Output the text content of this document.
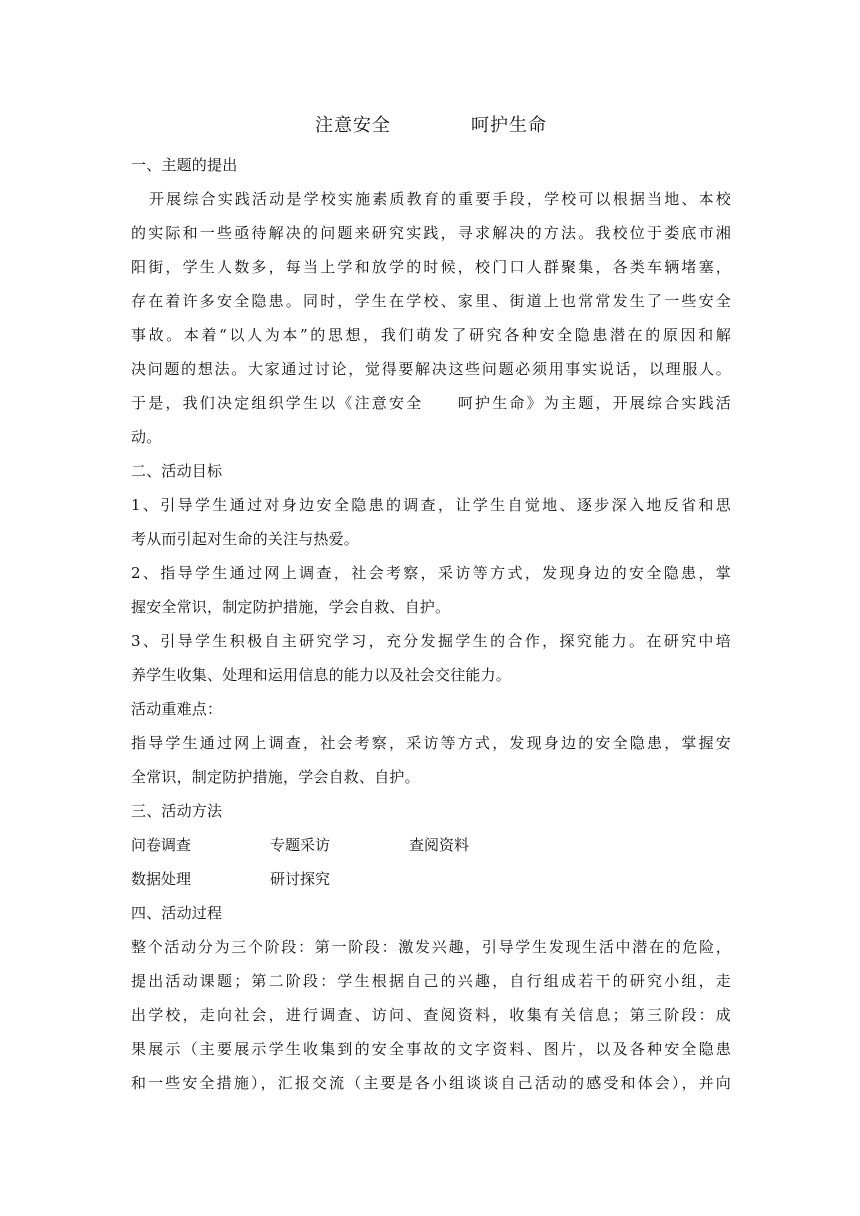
注意安全	呵护生命
一、主题的提出
开展综合实践活动是学校实施素质教育的重要手段，学校可以根据当地、本校
的实际和一些亟待解决的问题来研究实践，寻求解决的方法。我校位于娄底市湘
阳街，学生人数多，每当上学和放学的时候，校门口人群聚集，各类车辆堵塞，
存在着许多安全隐患。同时，学生在学校、家里、街道上也常常发生了一些安全
事故。本着“以人为本”的思想，我们萌发了研究各种安全隐患潜在的原因和解
决问题的想法。大家通过讨论，觉得要解决这些问题必须用事实说话，以理服人。
于是，我们决定组织学生以《注意安全　　呵护生命》为主题，开展综合实践活
动。
二、活动目标
1、引导学生通过对身边安全隐患的调查，让学生自觉地、逐步深入地反省和思
考从而引起对生命的关注与热爱。
2、指导学生通过网上调查，社会考察，采访等方式，发现身边的安全隐患，掌
握安全常识，制定防护措施，学会自救、自护。
3、引导学生积极自主研究学习，充分发掘学生的合作，探究能力。在研究中培
养学生收集、处理和运用信息的能力以及社会交往能力。
活动重难点：
指导学生通过网上调查，社会考察，采访等方式，发现身边的安全隐患，掌握安
全常识，制定防护措施，学会自救、自护。
三、活动方法
问卷调查	专题采访	查阅资料
数据处理	研讨探究
四、活动过程
整个活动分为三个阶段：第一阶段：激发兴趣，引导学生发现生活中潜在的危险，
提出活动课题；第二阶段：学生根据自己的兴趣，自行组成若干的研究小组，走
出学校，走向社会，进行调查、访问、查阅资料，收集有关信息；第三阶段：成
果展示（主要展示学生收集到的安全事故的文字资料、图片，以及各种安全隐患
和一些安全措施），汇报交流（主要是各小组谈谈自己活动的感受和体会），并向
